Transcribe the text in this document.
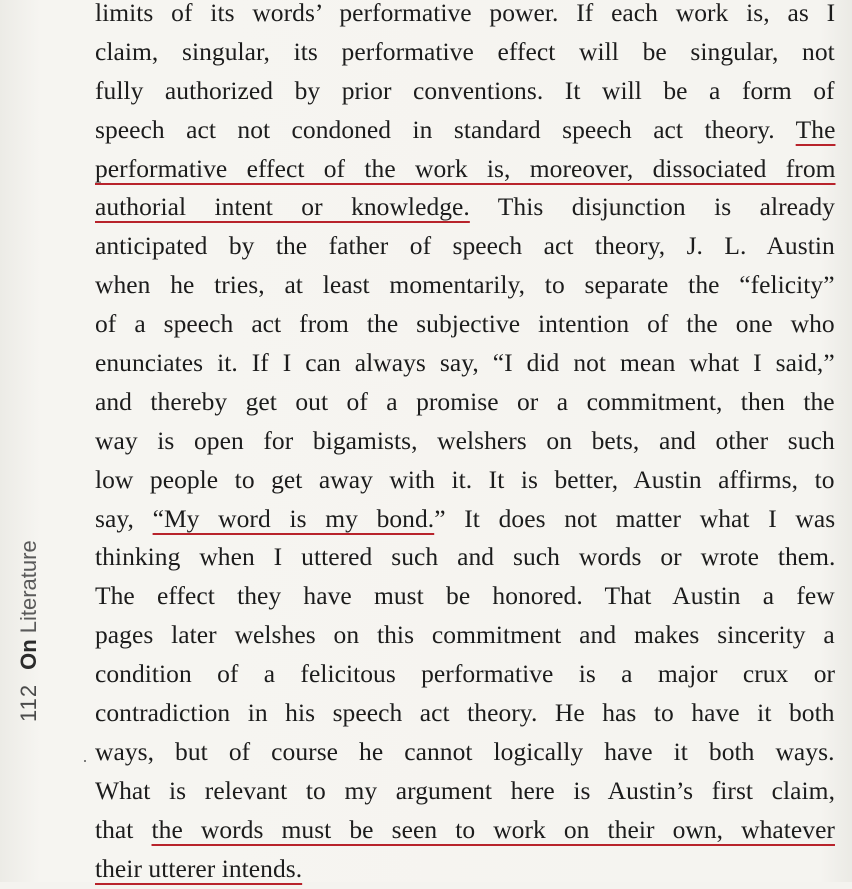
112On Literature
limits of its words’ performative power. If each work is, as I
claim, singular, its performative effect will be singular, not
fully authorized by prior conventions. It will be a form of
speech act not condoned in standard speech act theory. The
performative effect of the work is, moreover, dissociated from
authorial intent or knowledge. This disjunction is already
anticipated by the father of speech act theory, J. L. Austin
when he tries, at least momentarily, to separate the “felicity”
of a speech act from the subjective intention of the one who
enunciates it. If I can always say, “I did not mean what I said,”
and thereby get out of a promise or a commitment, then the
way is open for bigamists, welshers on bets, and other such
low people to get away with it. It is better, Austin affirms, to
say, “My word is my bond.” It does not matter what I was
thinking when I uttered such and such words or wrote them.
The effect they have must be honored. That Austin a few
pages later welshes on this commitment and makes sincerity a
condition of a felicitous performative is a major crux or
contradiction in his speech act theory. He has to have it both
ways, but of course he cannot logically have it both ways.
What is relevant to my argument here is Austin’s first claim,
that the words must be seen to work on their own, whatever
their utterer intends.
